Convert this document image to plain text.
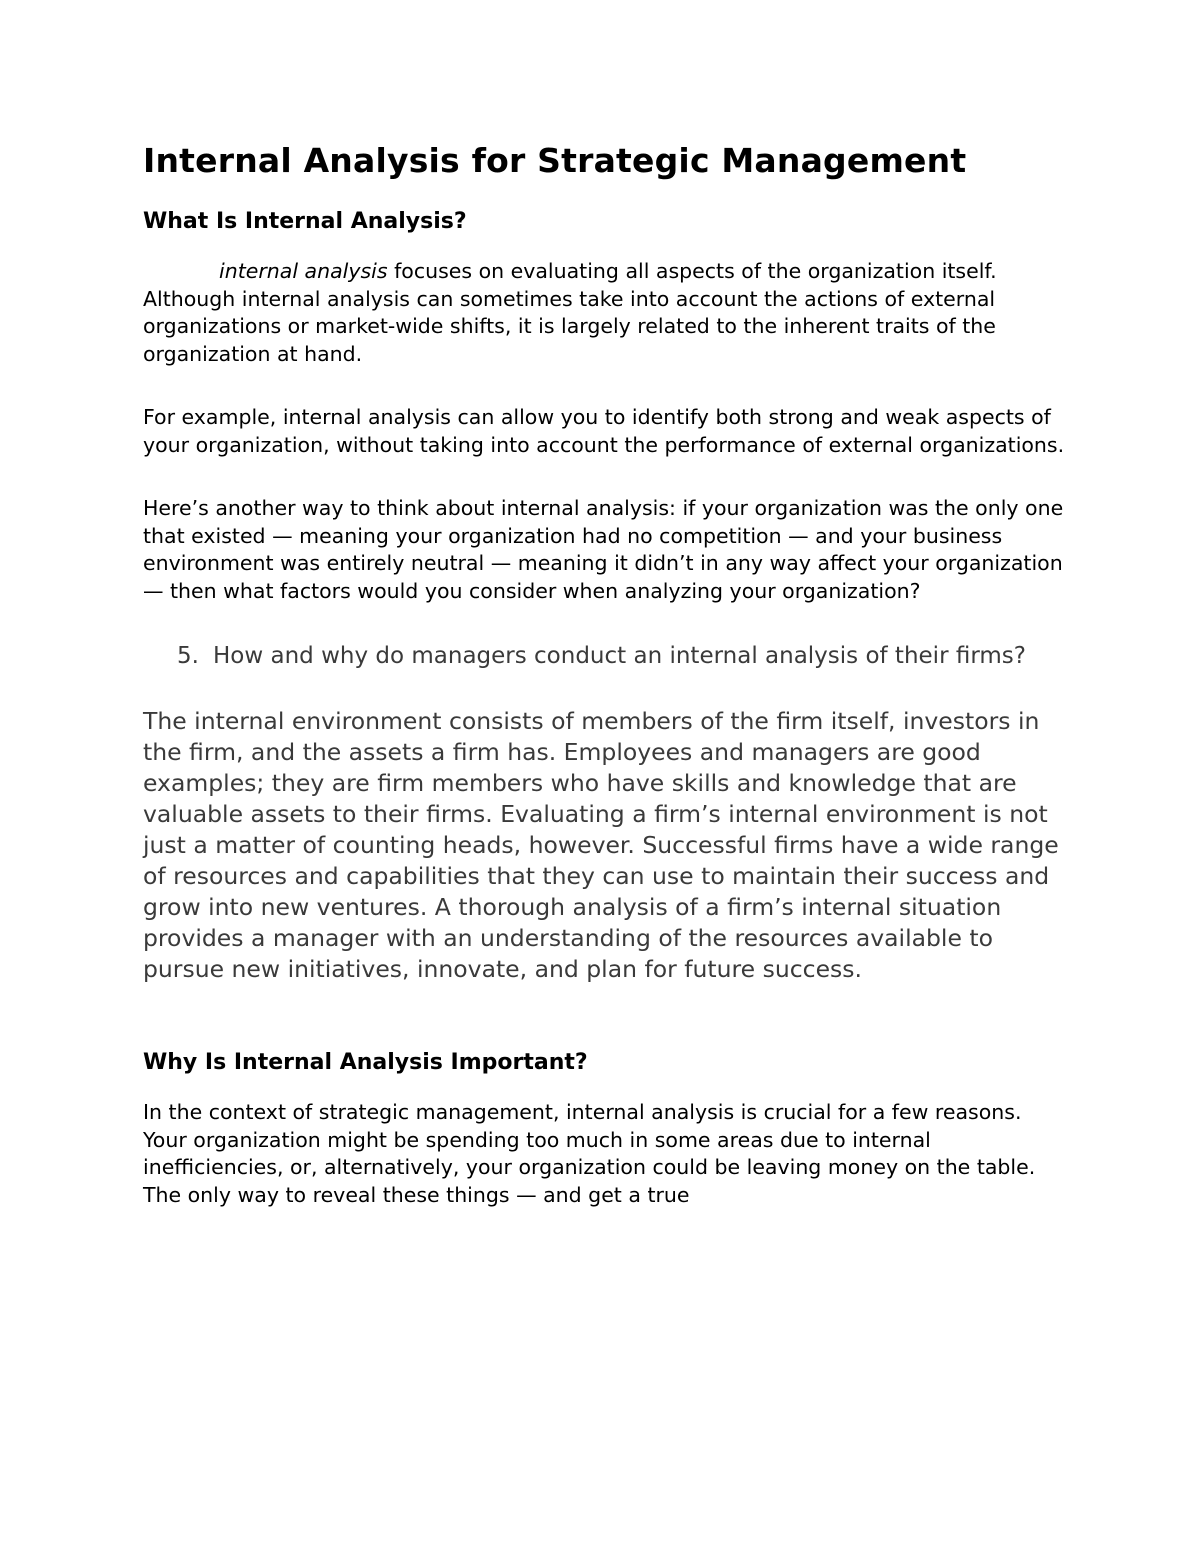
Internal Analysis for Strategic Management
What Is Internal Analysis?

internal analysis focuses on evaluating all aspects of the organization itself. Although internal analysis can sometimes take into account the actions of external organizations or market-wide shifts, it is largely related to the inherent traits of the organization at hand.

For example, internal analysis can allow you to identify both strong and weak aspects of your organization, without taking into account the performance of external organizations.

Here’s another way to think about internal analysis: if your organization was the only one that existed — meaning your organization had no competition — and your business environment was entirely neutral — meaning it didn’t in any way affect your organization — then what factors would you consider when analyzing your organization?

5. How and why do managers conduct an internal analysis of their firms?

The internal environment consists of members of the firm itself, investors in the firm, and the assets a firm has. Employees and managers are good examples; they are firm members who have skills and knowledge that are valuable assets to their firms. Evaluating a firm’s internal environment is not just a matter of counting heads, however. Successful firms have a wide range of resources and capabilities that they can use to maintain their success and grow into new ventures. A thorough analysis of a firm’s internal situation provides a manager with an understanding of the resources available to pursue new initiatives, innovate, and plan for future success.

Why Is Internal Analysis Important?

In the context of strategic management, internal analysis is crucial for a few reasons. Your organization might be spending too much in some areas due to internal inefficiencies, or, alternatively, your organization could be leaving money on the table. The only way to reveal these things — and get a true
